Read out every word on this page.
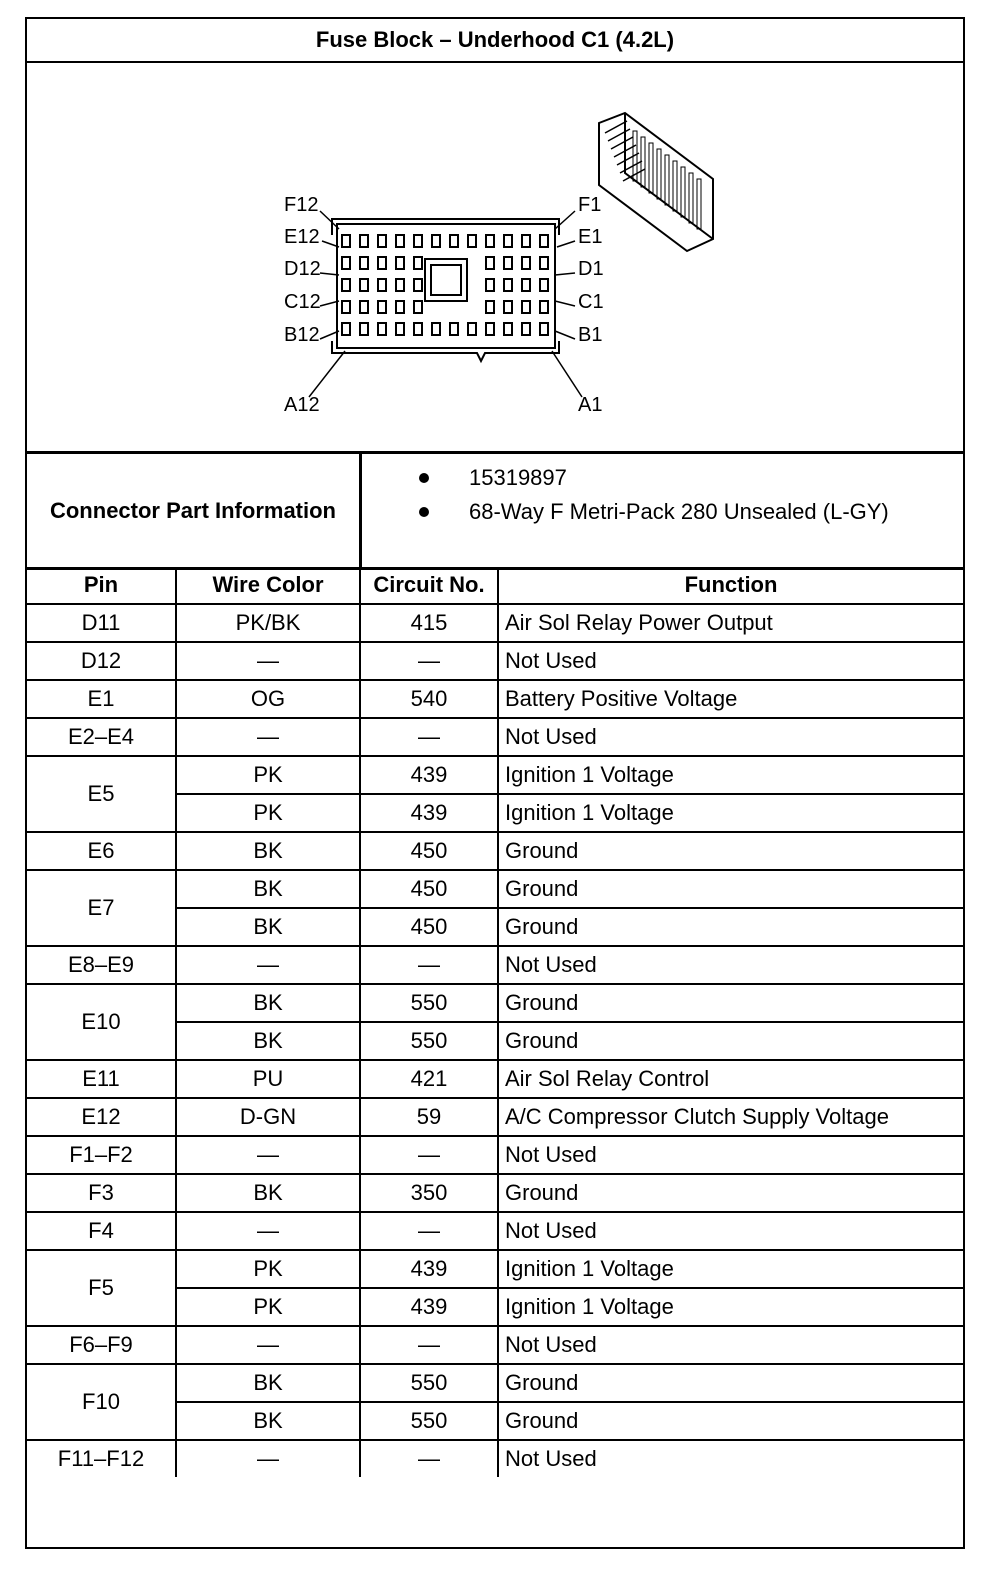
Fuse Block – Underhood C1 (4.2L)
F12
E12
D12
C12
B12
A12
F1
E1
D1
C1
B1
A1
Connector Part Information
15319897
68-Way F Metri-Pack 280 Unsealed (L-GY)
Pin	Wire Color	Circuit No.	Function
D11	PK/BK	415	Air Sol Relay Power Output
D12	—	—	Not Used
E1	OG	540	Battery Positive Voltage
E2–E4	—	—	Not Used
E5	PK	439	Ignition 1 Voltage
	PK	439	Ignition 1 Voltage
E6	BK	450	Ground
E7	BK	450	Ground
	BK	450	Ground
E8–E9	—	—	Not Used
E10	BK	550	Ground
	BK	550	Ground
E11	PU	421	Air Sol Relay Control
E12	D-GN	59	A/C Compressor Clutch Supply Voltage
F1–F2	—	—	Not Used
F3	BK	350	Ground
F4	—	—	Not Used
F5	PK	439	Ignition 1 Voltage
	PK	439	Ignition 1 Voltage
F6–F9	—	—	Not Used
F10	BK	550	Ground
	BK	550	Ground
F11–F12	—	—	Not Used
